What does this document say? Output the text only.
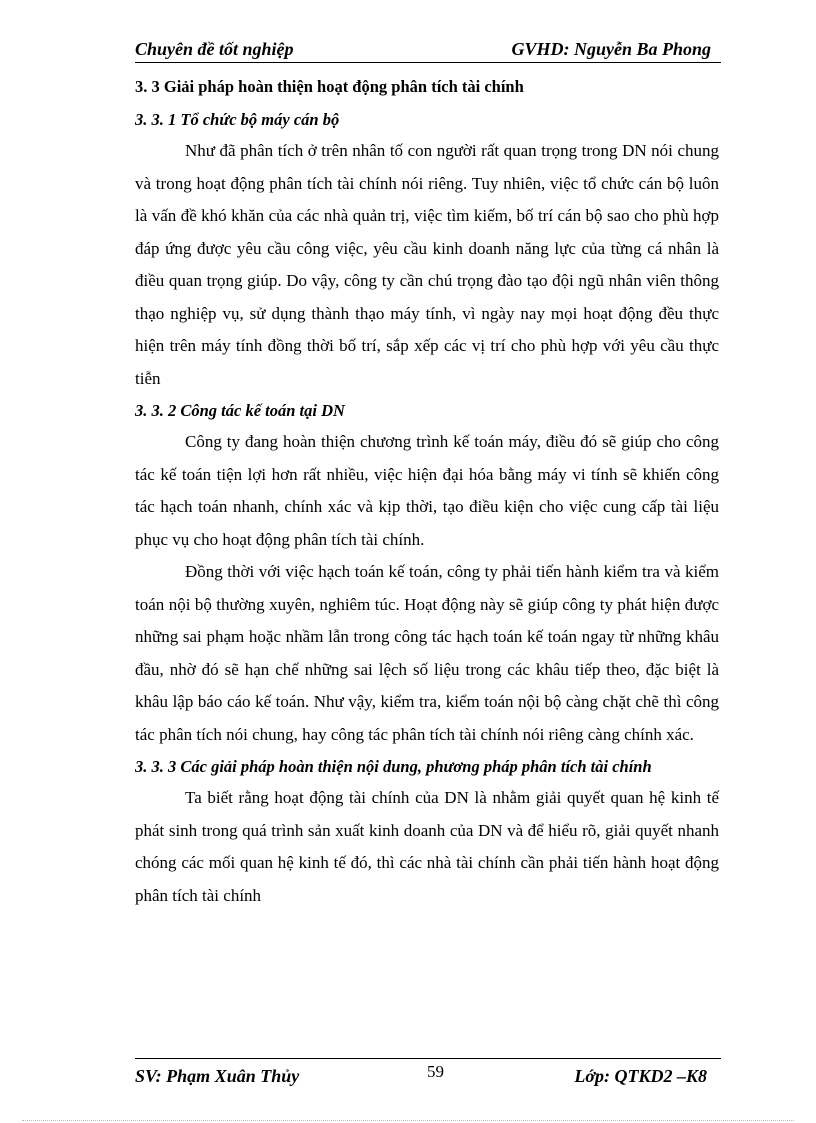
Chuyên đề tốt nghiệp	GVHD: Nguyễn Ba Phong
3. 3 Giải pháp hoàn thiện hoạt động phân tích tài chính
3. 3. 1 Tổ chức bộ máy cán bộ

Như đã phân tích ở trên nhân tố con người rất quan trọng trong DN nói chung và trong hoạt động phân tích tài chính nói riêng. Tuy nhiên, việc tổ chức cán bộ luôn là vấn đề khó khăn của các nhà quản trị, việc tìm kiếm, bố trí cán bộ sao cho phù hợp đáp ứng được yêu cầu công việc, yêu cầu kinh doanh năng lực của từng cá nhân là điều quan trọng giúp. Do vậy, công ty cần chú trọng đào tạo đội ngũ nhân viên thông thạo nghiệp vụ, sử dụng thành thạo máy tính, vì ngày nay mọi hoạt động đều thực hiện trên máy tính đồng thời bố trí, sắp xếp các vị trí cho phù hợp với yêu cầu thực tiễn

3. 3. 2 Công tác kế toán tại DN

Công ty đang hoàn thiện chương trình kế toán máy, điều đó sẽ giúp cho công tác kế toán tiện lợi hơn rất nhiều, việc hiện đại hóa bằng máy vi tính sẽ khiến công tác hạch toán nhanh, chính xác và kịp thời, tạo điều kiện cho việc cung cấp tài liệu phục vụ cho hoạt động phân tích tài chính.

Đồng thời với việc hạch toán kế toán, công ty phải tiến hành kiểm tra và kiểm toán nội bộ thường xuyên, nghiêm túc. Hoạt động này sẽ giúp công ty phát hiện được những sai phạm hoặc nhầm lẫn trong công tác hạch toán kế toán ngay từ những khâu đầu, nhờ đó sẽ hạn chế những sai lệch số liệu trong các khâu tiếp theo, đặc biệt là khâu lập báo cáo kế toán. Như vậy, kiểm tra, kiểm toán nội bộ càng chặt chẽ thì công tác phân tích nói chung, hay công tác phân tích tài chính nói riêng càng chính xác.

3. 3. 3 Các giải pháp hoàn thiện nội dung, phương pháp phân tích tài chính

Ta biết rằng hoạt động tài chính của DN là nhằm giải quyết quan hệ kinh tế phát sinh trong quá trình sản xuất kinh doanh của DN và để hiểu rõ, giải quyết nhanh chóng các mối quan hệ kinh tế đó, thì các nhà tài chính cần phải tiến hành hoạt động phân tích tài chính

SV: Phạm Xuân Thủy	59	Lớp: QTKD2 –K8
